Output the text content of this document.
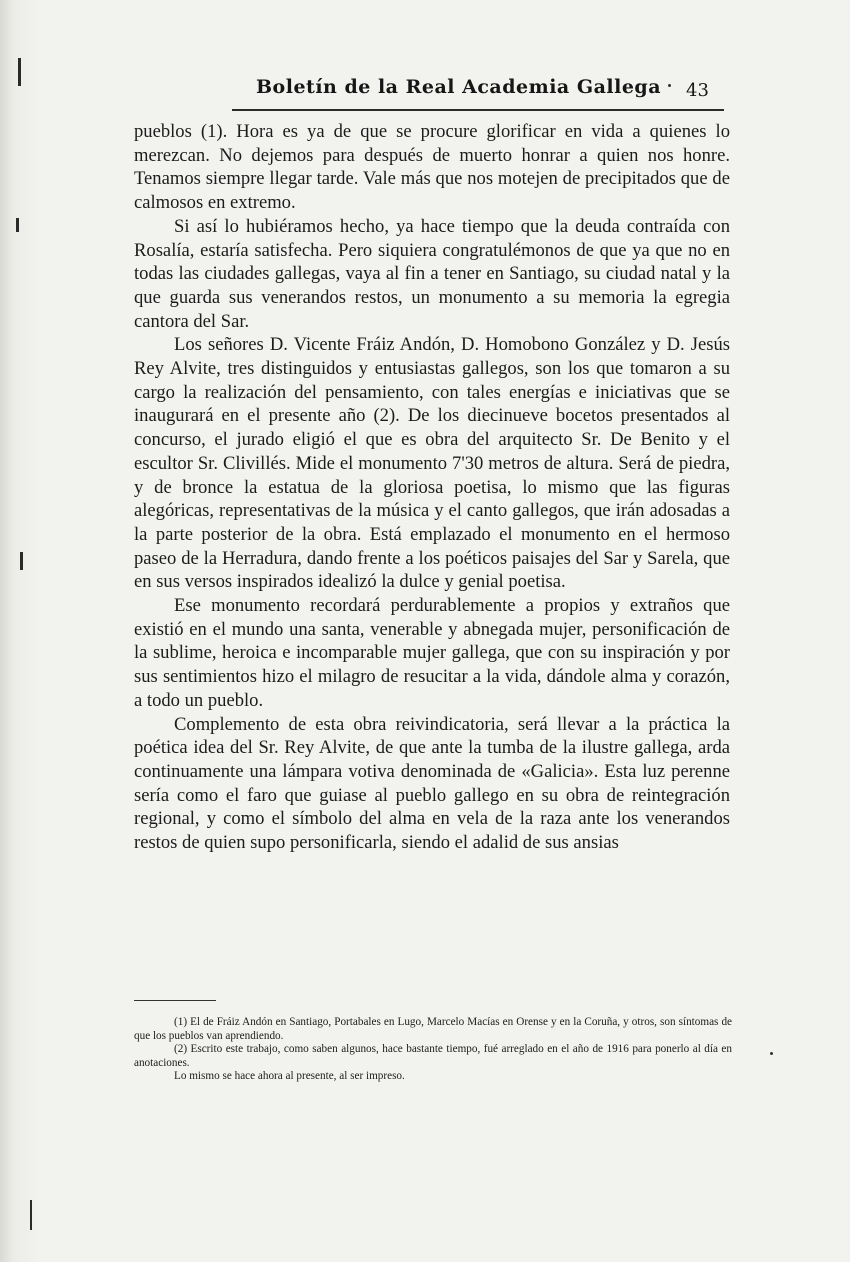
Boletín de la Real Academia Gallega 43

pueblos (1). Hora es ya de que se procure glorificar en vida a quienes lo merezcan. No dejemos para después de muerto honrar a quien nos honre. Tenamos siempre llegar tarde. Vale más que nos motejen de precipitados que de calmosos en extremo.

Si así lo hubiéramos hecho, ya hace tiempo que la deuda contraída con Rosalía, estaría satisfecha. Pero siquiera congratulémonos de que ya que no en todas las ciudades gallegas, vaya al fin a tener en Santiago, su ciudad natal y la que guarda sus venerandos restos, un monumento a su memoria la egregia cantora del Sar.

Los señores D. Vicente Fráiz Andón, D. Homobono González y D. Jesús Rey Alvite, tres distinguidos y entusiastas gallegos, son los que tomaron a su cargo la realización del pensamiento, con tales energías e iniciativas que se inaugurará en el presente año (2). De los diecinueve bocetos presentados al concurso, el jurado eligió el que es obra del arquitecto Sr. De Benito y el escultor Sr. Clivillés. Mide el monumento 7'30 metros de altura. Será de piedra, y de bronce la estatua de la gloriosa poetisa, lo mismo que las figuras alegóricas, representativas de la música y el canto gallegos, que irán adosadas a la parte posterior de la obra. Está emplazado el monumento en el hermoso paseo de la Herradura, dando frente a los poéticos paisajes del Sar y Sarela, que en sus versos inspirados idealizó la dulce y genial poetisa.

Ese monumento recordará perdurablemente a propios y extraños que existió en el mundo una santa, venerable y abnegada mujer, personificación de la sublime, heroica e incomparable mujer gallega, que con su inspiración y por sus sentimientos hizo el milagro de resucitar a la vida, dándole alma y corazón, a todo un pueblo.

Complemento de esta obra reivindicatoria, será llevar a la práctica la poética idea del Sr. Rey Alvite, de que ante la tumba de la ilustre gallega, arda continuamente una lámpara votiva denominada de «Galicia». Esta luz perenne sería como el faro que guiase al pueblo gallego en su obra de reintegración regional, y como el símbolo del alma en vela de la raza ante los venerandos restos de quien supo personificarla, siendo el adalid de sus ansias

(1) El de Fráiz Andón en Santiago, Portabales en Lugo, Marcelo Macías en Orense y en la Coruña, y otros, son síntomas de que los pueblos van aprendiendo.

(2) Escrito este trabajo, como saben algunos, hace bastante tiempo, fué arreglado en el año de 1916 para ponerlo al día en anotaciones.

Lo mismo se hace ahora al presente, al ser impreso.
